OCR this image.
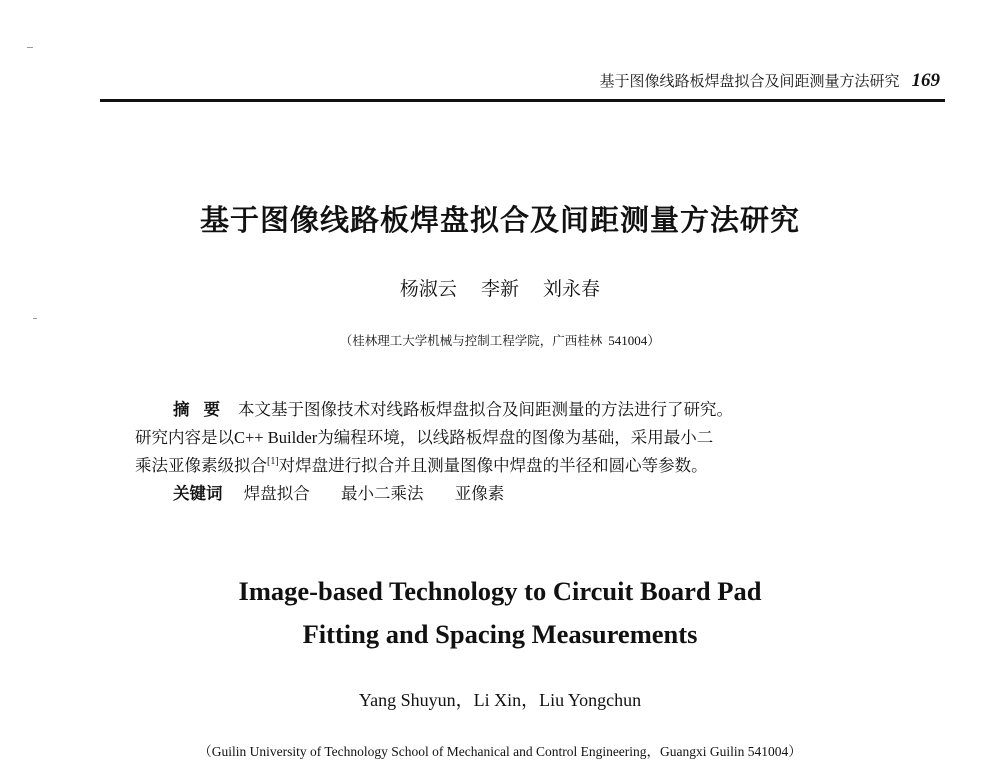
基于图像线路板焊盘拟合及间距测量方法研究 169
基于图像线路板焊盘拟合及间距测量方法研究
杨淑云 李新 刘永春
（桂林理工大学机械与控制工程学院，广西桂林 541004）
摘要 本文基于图像技术对线路板焊盘拟合及间距测量的方法进行了研究。
研究内容是以C++ Builder为编程环境，以线路板焊盘的图像为基础，采用最小二
乘法亚像素级拟合[1]对焊盘进行拟合并且测量图像中焊盘的半径和圆心等参数。
关键词 焊盘拟合 最小二乘法 亚像素
Image-based Technology to Circuit Board Pad
Fitting and Spacing Measurements
Yang Shuyun，Li Xin，Liu Yongchun
（Guilin University of Technology School of Mechanical and Control Engineering，Guangxi Guilin 541004）
